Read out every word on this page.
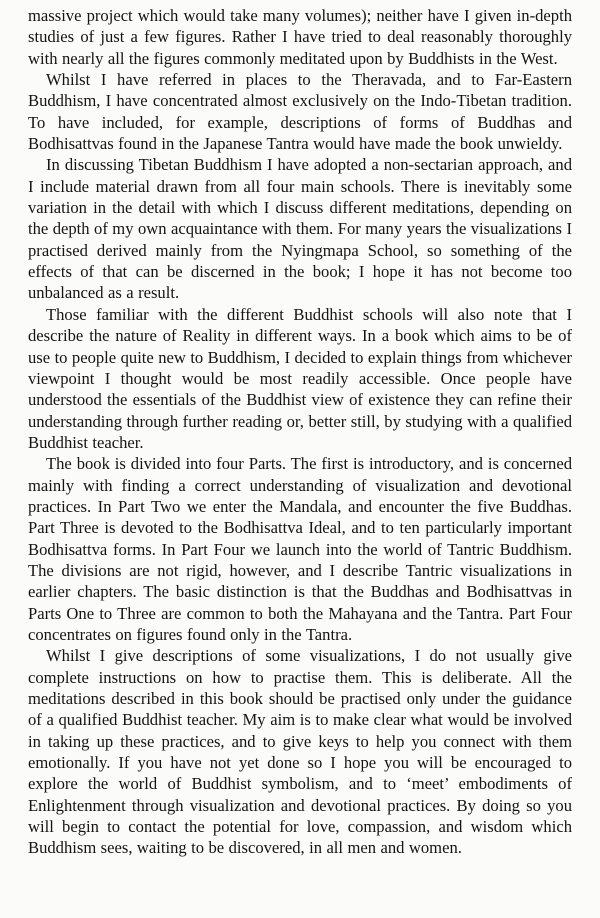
massive project which would take many volumes); neither have I given in-depth studies of just a few figures. Rather I have tried to deal reasonably thoroughly with nearly all the figures commonly meditated upon by Buddhists in the West.

Whilst I have referred in places to the Theravada, and to Far-Eastern Buddhism, I have concentrated almost exclusively on the Indo-Tibetan tradition. To have included, for example, descriptions of forms of Buddhas and Bodhisattvas found in the Japanese Tantra would have made the book unwieldy.

In discussing Tibetan Buddhism I have adopted a non-sectarian approach, and I include material drawn from all four main schools. There is inevitably some variation in the detail with which I discuss different meditations, depending on the depth of my own acquaintance with them. For many years the visualizations I practised derived mainly from the Nyingmapa School, so something of the effects of that can be discerned in the book; I hope it has not become too unbalanced as a result.

Those familiar with the different Buddhist schools will also note that I describe the nature of Reality in different ways. In a book which aims to be of use to people quite new to Buddhism, I decided to explain things from whichever viewpoint I thought would be most readily accessible. Once people have understood the essentials of the Buddhist view of existence they can refine their understanding through further reading or, better still, by studying with a qualified Buddhist teacher.

The book is divided into four Parts. The first is introductory, and is concerned mainly with finding a correct understanding of visualization and devotional practices. In Part Two we enter the Mandala, and encounter the five Buddhas. Part Three is devoted to the Bodhisattva Ideal, and to ten particularly important Bodhisattva forms. In Part Four we launch into the world of Tantric Buddhism. The divisions are not rigid, however, and I describe Tantric visualizations in earlier chapters. The basic distinction is that the Buddhas and Bodhisattvas in Parts One to Three are common to both the Mahayana and the Tantra. Part Four concentrates on figures found only in the Tantra.

Whilst I give descriptions of some visualizations, I do not usually give complete instructions on how to practise them. This is deliberate. All the meditations described in this book should be practised only under the guidance of a qualified Buddhist teacher. My aim is to make clear what would be involved in taking up these practices, and to give keys to help you connect with them emotionally. If you have not yet done so I hope you will be encouraged to explore the world of Buddhist symbolism, and to ‘meet’ embodiments of Enlightenment through visualization and devotional practices. By doing so you will begin to contact the potential for love, compassion, and wisdom which Buddhism sees, waiting to be discovered, in all men and women.
